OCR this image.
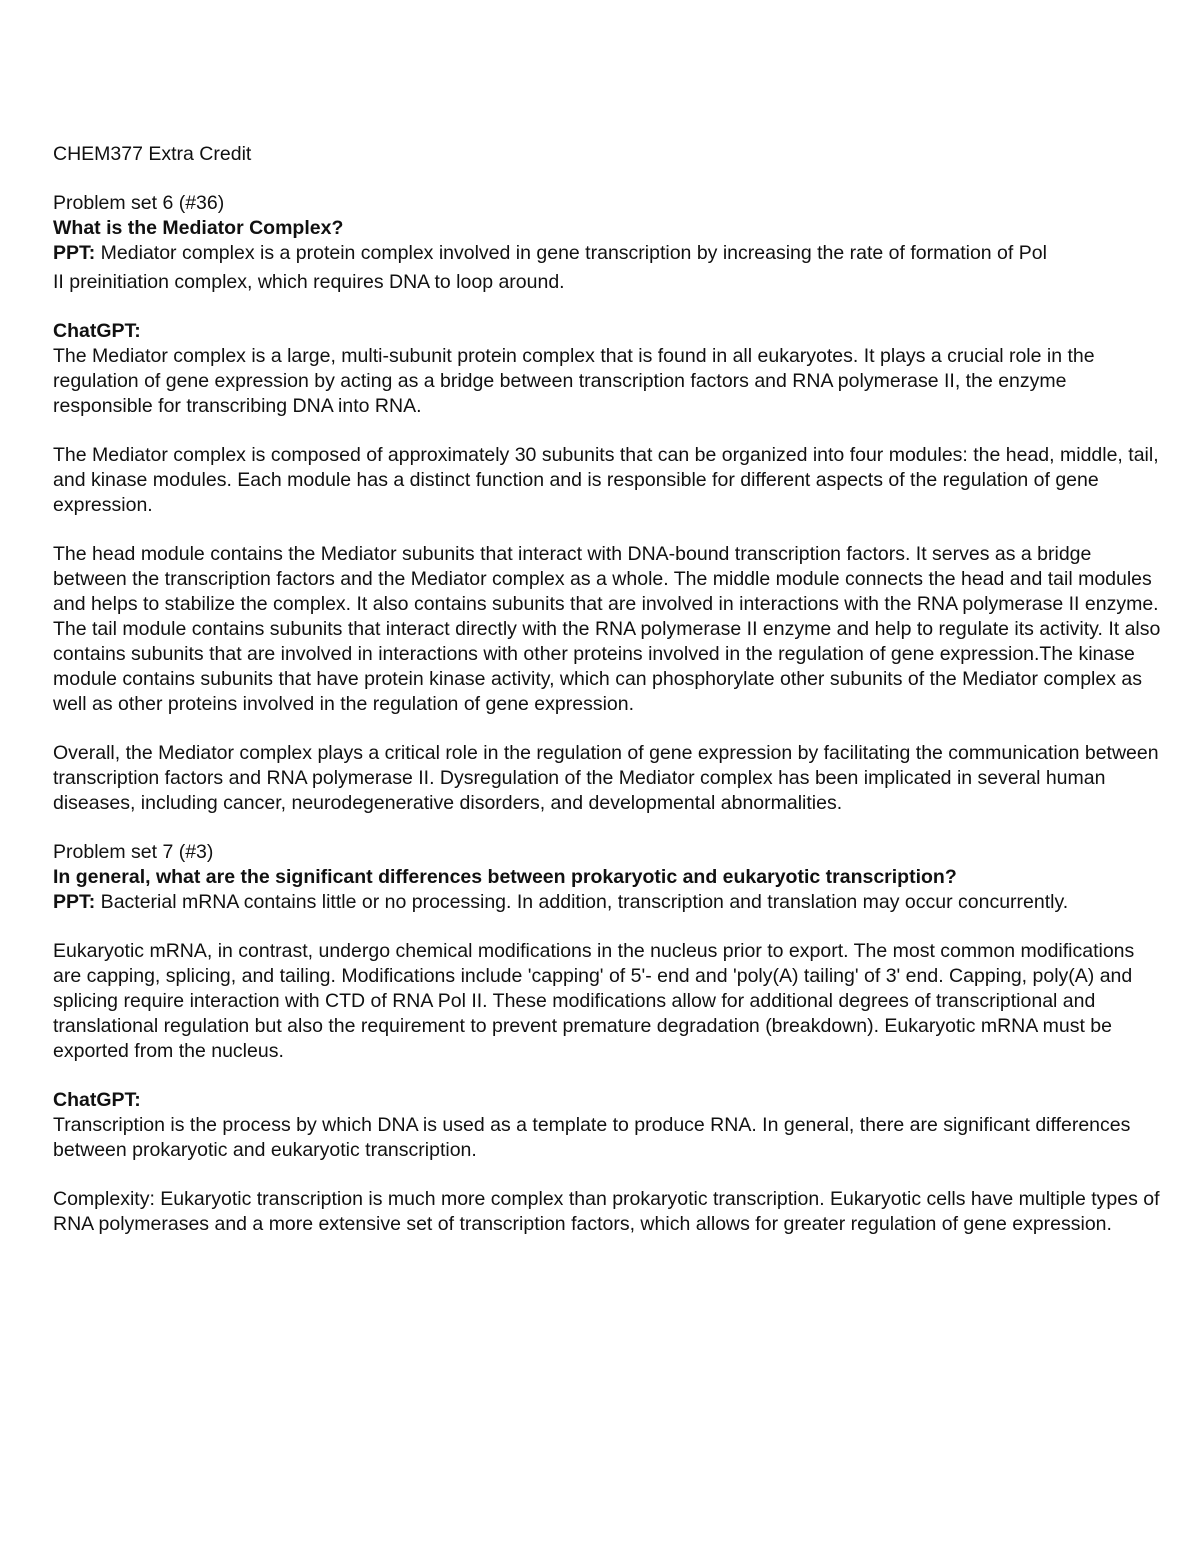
CHEM377 Extra Credit

Problem set 6 (#36)

What is the Mediator Complex?

PPT: Mediator complex is a protein complex involved in gene transcription by increasing the rate of formation of Pol
II preinitiation complex, which requires DNA to loop around.

ChatGPT:

The Mediator complex is a large, multi-subunit protein complex that is found in all eukaryotes. It plays a crucial role in the regulation of gene expression by acting as a bridge between transcription factors and RNA polymerase II, the enzyme responsible for transcribing DNA into RNA.

The Mediator complex is composed of approximately 30 subunits that can be organized into four modules: the head, middle, tail, and kinase modules. Each module has a distinct function and is responsible for different aspects of the regulation of gene expression.

The head module contains the Mediator subunits that interact with DNA-bound transcription factors. It serves as a bridge between the transcription factors and the Mediator complex as a whole. The middle module connects the head and tail modules and helps to stabilize the complex. It also contains subunits that are involved in interactions with the RNA polymerase II enzyme. The tail module contains subunits that interact directly with the RNA polymerase II enzyme and help to regulate its activity. It also contains subunits that are involved in interactions with other proteins involved in the regulation of gene expression.The kinase module contains subunits that have protein kinase activity, which can phosphorylate other subunits of the Mediator complex as well as other proteins involved in the regulation of gene expression.

Overall, the Mediator complex plays a critical role in the regulation of gene expression by facilitating the communication between transcription factors and RNA polymerase II. Dysregulation of the Mediator complex has been implicated in several human diseases, including cancer, neurodegenerative disorders, and developmental abnormalities.

Problem set 7 (#3)

In general, what are the significant differences between prokaryotic and eukaryotic transcription?

PPT: Bacterial mRNA contains little or no processing. In addition, transcription and translation may occur concurrently.

Eukaryotic mRNA, in contrast, undergo chemical modifications in the nucleus prior to export. The most common modifications are capping, splicing, and tailing. Modifications include 'capping' of 5'- end and 'poly(A) tailing' of 3' end. Capping, poly(A) and splicing require interaction with CTD of RNA Pol II. These modifications allow for additional degrees of transcriptional and translational regulation but also the requirement to prevent premature degradation (breakdown). Eukaryotic mRNA must be exported from the nucleus.

ChatGPT:

Transcription is the process by which DNA is used as a template to produce RNA. In general, there are significant differences between prokaryotic and eukaryotic transcription.

Complexity: Eukaryotic transcription is much more complex than prokaryotic transcription. Eukaryotic cells have multiple types of RNA polymerases and a more extensive set of transcription factors, which allows for greater regulation of gene expression.
